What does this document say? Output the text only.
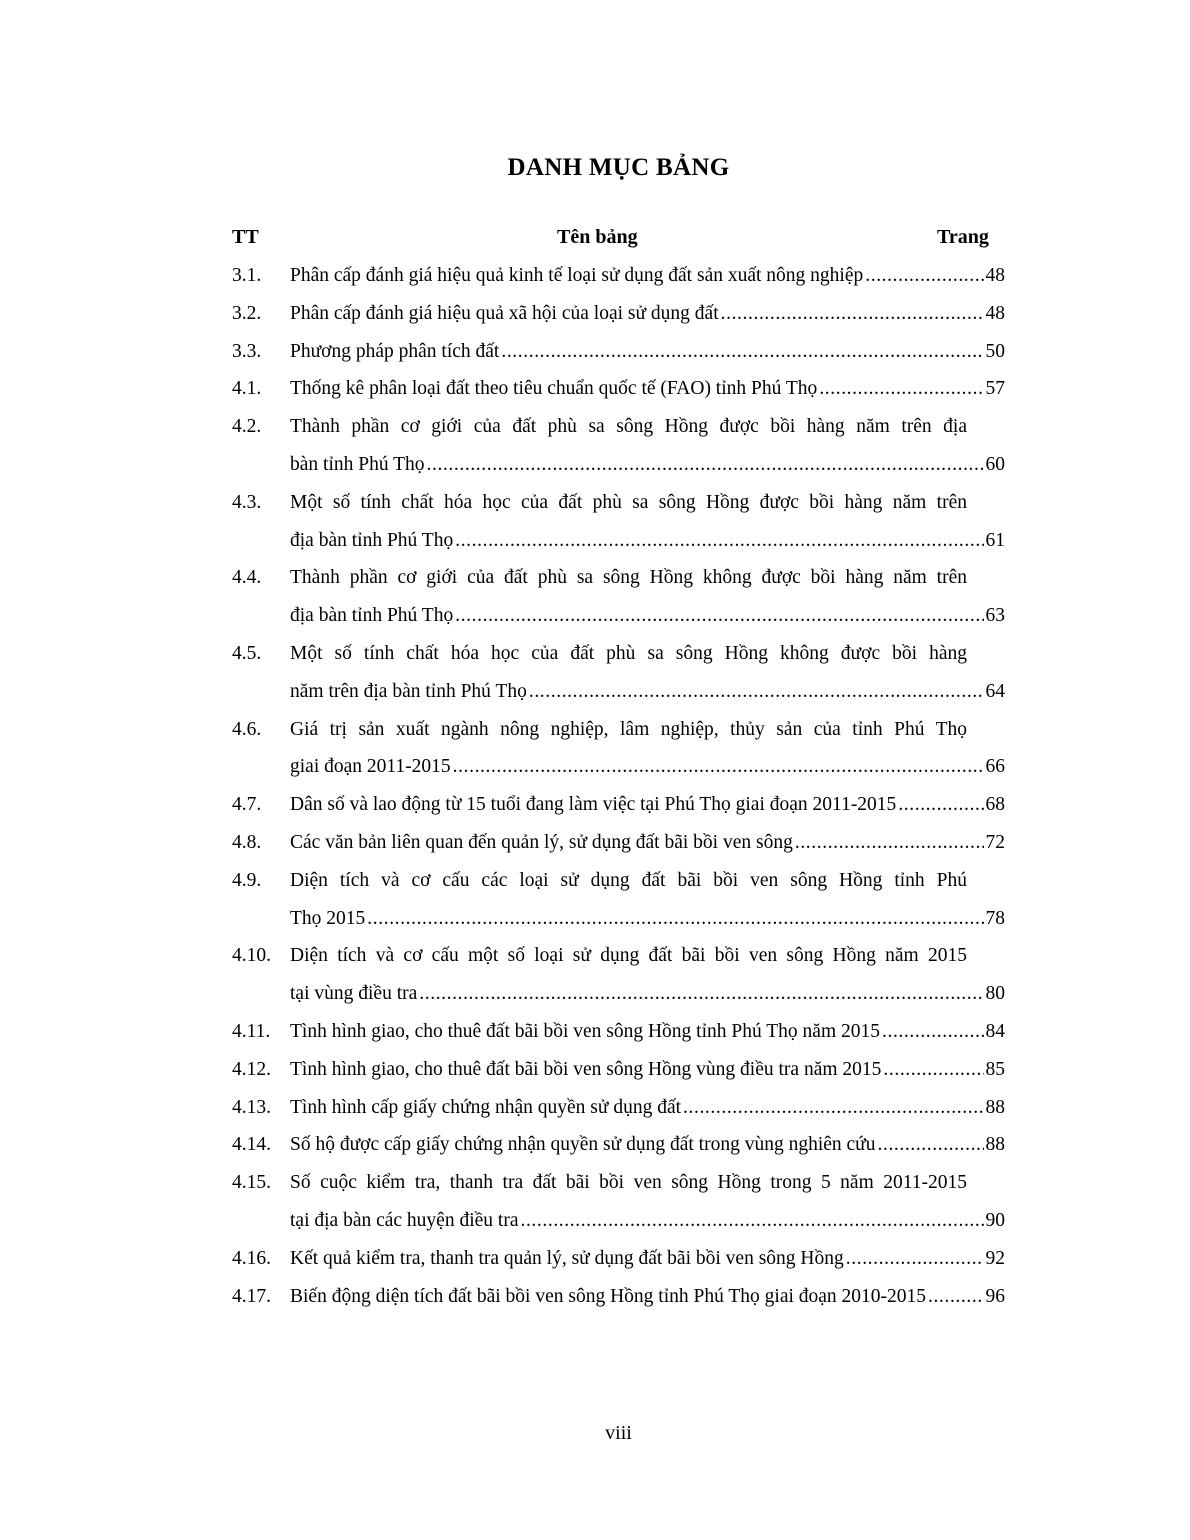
DANH MỤC BẢNG
TT	Tên bảng	Trang
3.1. Phân cấp đánh giá hiệu quả kinh tế loại sử dụng đất sản xuất nông nghiệp .....	48
3.2. Phân cấp đánh giá hiệu quả xã hội của loại sử dụng đất .....	48
3.3. Phương pháp phân tích đất .....	50
4.1. Thống kê phân loại đất theo tiêu chuẩn quốc tế (FAO) tỉnh Phú Thọ .....	57
4.2. Thành phần cơ giới của đất phù sa sông Hồng được bồi hàng năm trên địa
bàn tỉnh Phú Thọ .....	60
4.3. Một số tính chất hóa học của đất phù sa sông Hồng được bồi hàng năm trên
địa bàn tỉnh Phú Thọ .....	61
4.4. Thành phần cơ giới của đất phù sa sông Hồng không được bồi hàng năm trên
địa bàn tỉnh Phú Thọ .....	63
4.5. Một số tính chất hóa học của đất phù sa sông Hồng không được bồi hàng
năm trên địa bàn tỉnh Phú Thọ .....	64
4.6. Giá trị sản xuất ngành nông nghiệp, lâm nghiệp, thủy sản của tỉnh Phú Thọ
giai đoạn 2011-2015 .....	66
4.7. Dân số và lao động từ 15 tuổi đang làm việc tại Phú Thọ giai đoạn 2011-2015 .....	68
4.8. Các văn bản liên quan đến quản lý, sử dụng đất bãi bồi ven sông .....	72
4.9. Diện tích và cơ cấu các loại sử dụng đất bãi bồi ven sông Hồng tỉnh Phú
Thọ 2015 .....	78
4.10. Diện tích và cơ cấu một số loại sử dụng đất bãi bồi ven sông Hồng năm 2015
tại vùng điều tra .....	80
4.11. Tình hình giao, cho thuê đất bãi bồi ven sông Hồng tỉnh Phú Thọ năm 2015 .....	84
4.12. Tình hình giao, cho thuê đất bãi bồi ven sông Hồng vùng điều tra năm 2015 .....	85
4.13. Tình hình cấp giấy chứng nhận quyền sử dụng đất .....	88
4.14. Số hộ được cấp giấy chứng nhận quyền sử dụng đất trong vùng nghiên cứu .....	88
4.15. Số cuộc kiểm tra, thanh tra đất bãi bồi ven sông Hồng trong 5 năm 2011-2015
tại địa bàn các huyện điều tra .....	90
4.16. Kết quả kiểm tra, thanh tra quản lý, sử dụng đất bãi bồi ven sông Hồng .....	92
4.17. Biến động diện tích đất bãi bồi ven sông Hồng tỉnh Phú Thọ giai đoạn 2010-2015 .....	96
viii
